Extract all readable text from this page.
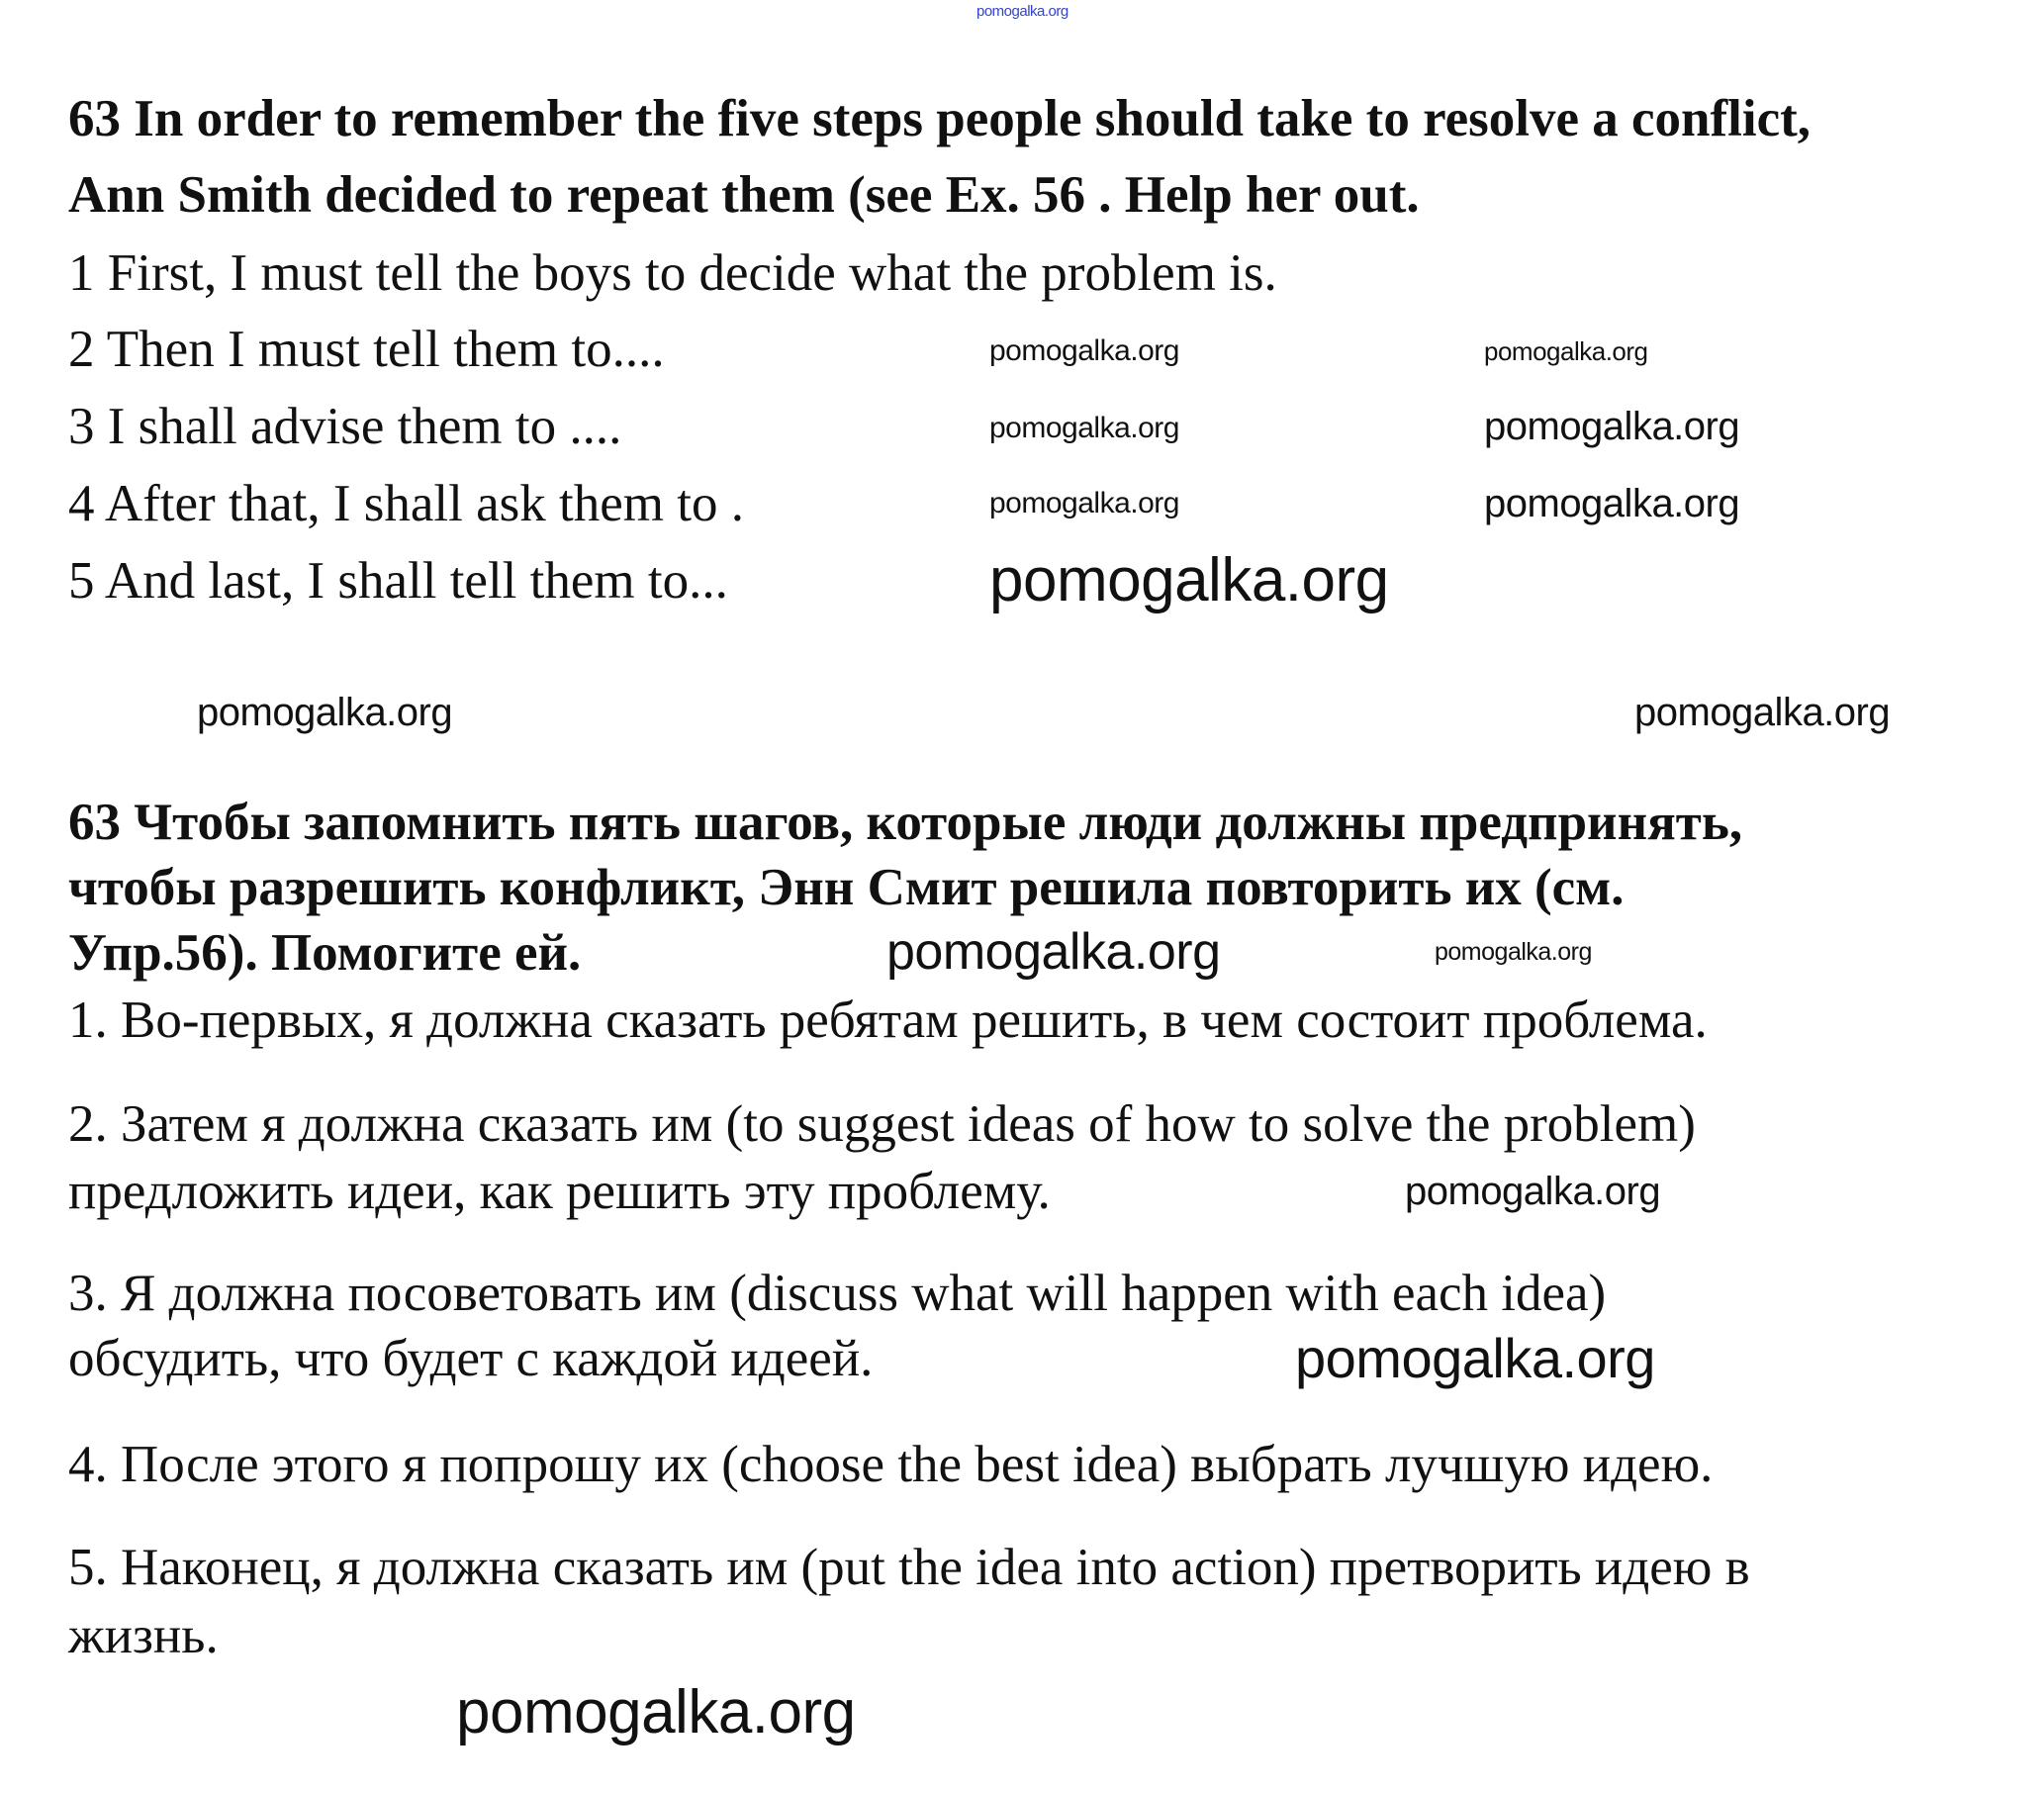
pomogalka.org
63 In order to remember the five steps people should take to resolve a conflict,
Ann Smith decided to repeat them (see Ex. 56 . Help her out.
1 First, I must tell the boys to decide what the problem is.
2 Then I must tell them to....
3 I shall advise them to ....
4 After that, I shall ask them to .
5 And last, I shall tell them to...
63 Чтобы запомнить пять шагов, которые люди должны предпринять,
чтобы разрешить конфликт, Энн Смит решила повторить их (см.
Упр.56). Помогите ей.
1. Во-первых, я должна сказать ребятам решить, в чем состоит проблема.
2. Затем я должна сказать им (to suggest ideas of how to solve the problem)
предложить идеи, как решить эту проблему.
3. Я должна посоветовать им (discuss what will happen with each idea)
обсудить, что будет с каждой идеей.
4. После этого я попрошу их (choose the best idea) выбрать лучшую идею.
5. Наконец, я должна сказать им (put the idea into action) претворить идею в
жизнь.
pomogalka.org	pomogalka.org
pomogalka.org	pomogalka.org
pomogalka.org	pomogalka.org
pomogalka.org
pomogalka.org
pomogalka.org
pomogalka.org	pomogalka.org
pomogalka.org
pomogalka.org
pomogalka.org
